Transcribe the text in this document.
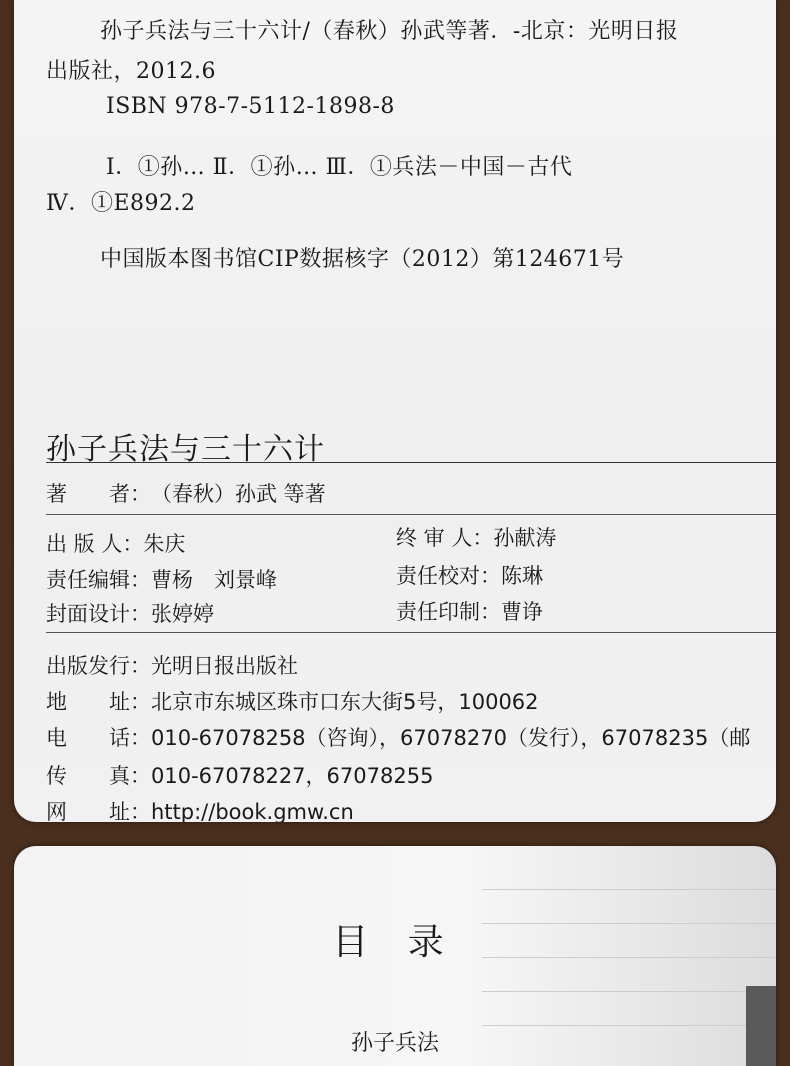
孙子兵法与三十六计/（春秋）孙武等著．-北京：光明日报
出版社，2012.6
ISBN 978-7-5112-1898-8
Ⅰ．①孙… Ⅱ．①孙… Ⅲ．①兵法－中国－古代
Ⅳ．①E892.2
中国版本图书馆CIP数据核字（2012）第124671号
孙子兵法与三十六计
著　　者：（春秋）孙武 等著
出 版 人：朱庆	终 审 人：孙献涛
责任编辑：曹杨　刘景峰	责任校对：陈琳
封面设计：张婷婷	责任印制：曹诤
出版发行：光明日报出版社
地　　址：北京市东城区珠市口东大街5号，100062
电　　话：010-67078258（咨询），67078270（发行），67078235（邮
传　　真：010-67078227，67078255
网　　址：http://book.gmw.cn

目 录
孙子兵法
